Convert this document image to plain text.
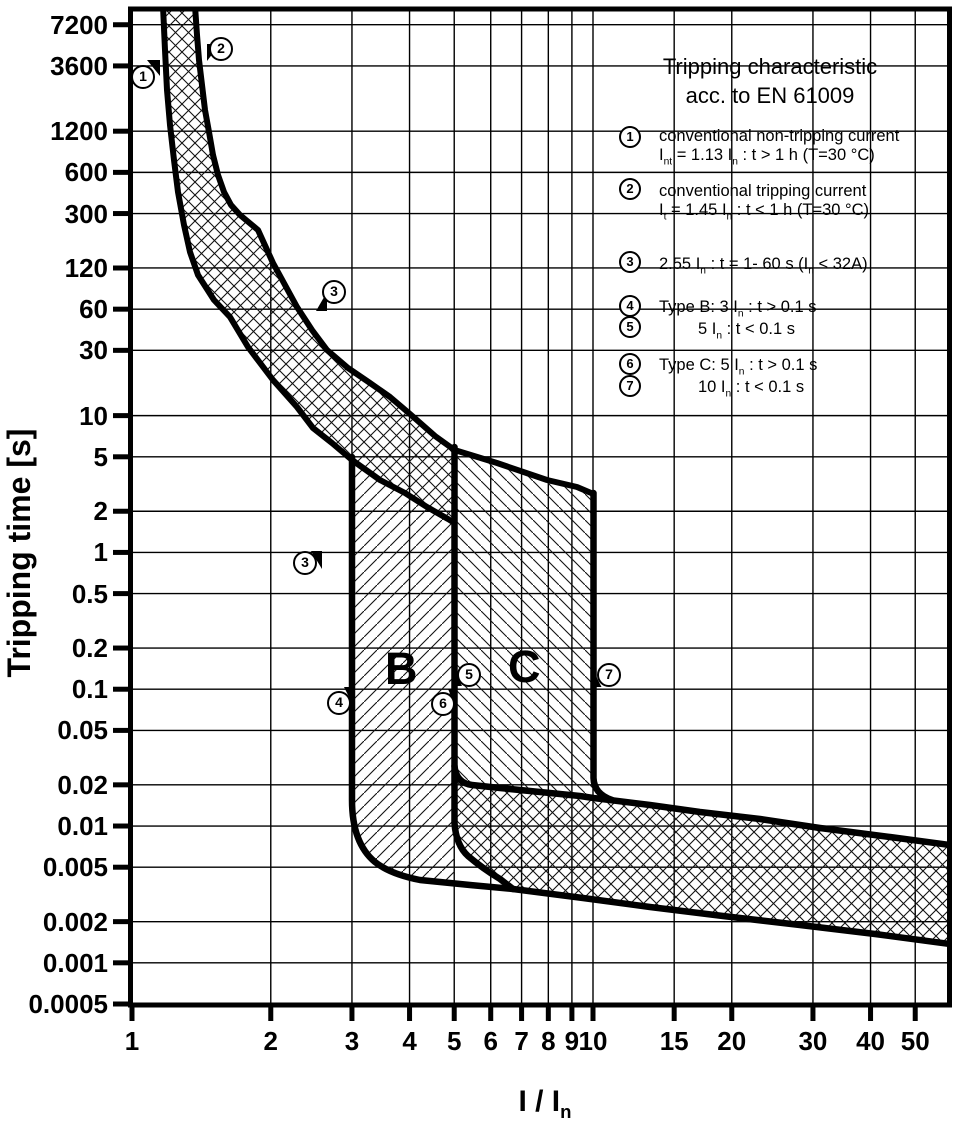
Tripping time [s]
I / $I_n$
Tripping characteristic
acc. to EN 61009
1	conventional non-tripping current
$I_{nt} = 1.13$ $I_n$ : t > 1 h (T=30 °C)
2	conventional tripping current
$I_t = 1.45$ $I_n$ : t < 1 h (T=30 °C)
3	2.55 $I_n$ : t = 1- 60 s $(I_n < 32A)$
4	Type B: 3 $I_n$ : t > 0.1 s
5	5 $I_n$ : t < 0.1 s
6	Type C: 5 $I_n$ : t > 0.1 s
7	10 $I_n$ : t < 0.1 s
B C
1
2
3
3
4
5
6
7
7200
3600
1200
600
300
120
60
30
10
5
2
1
0.5
0.2
0.1
0.05
0.02
0.01
0.005
0.002
0.001
0.0005
1	2	3	4	5 6 7 8 9 10	15	20	30	40 50
